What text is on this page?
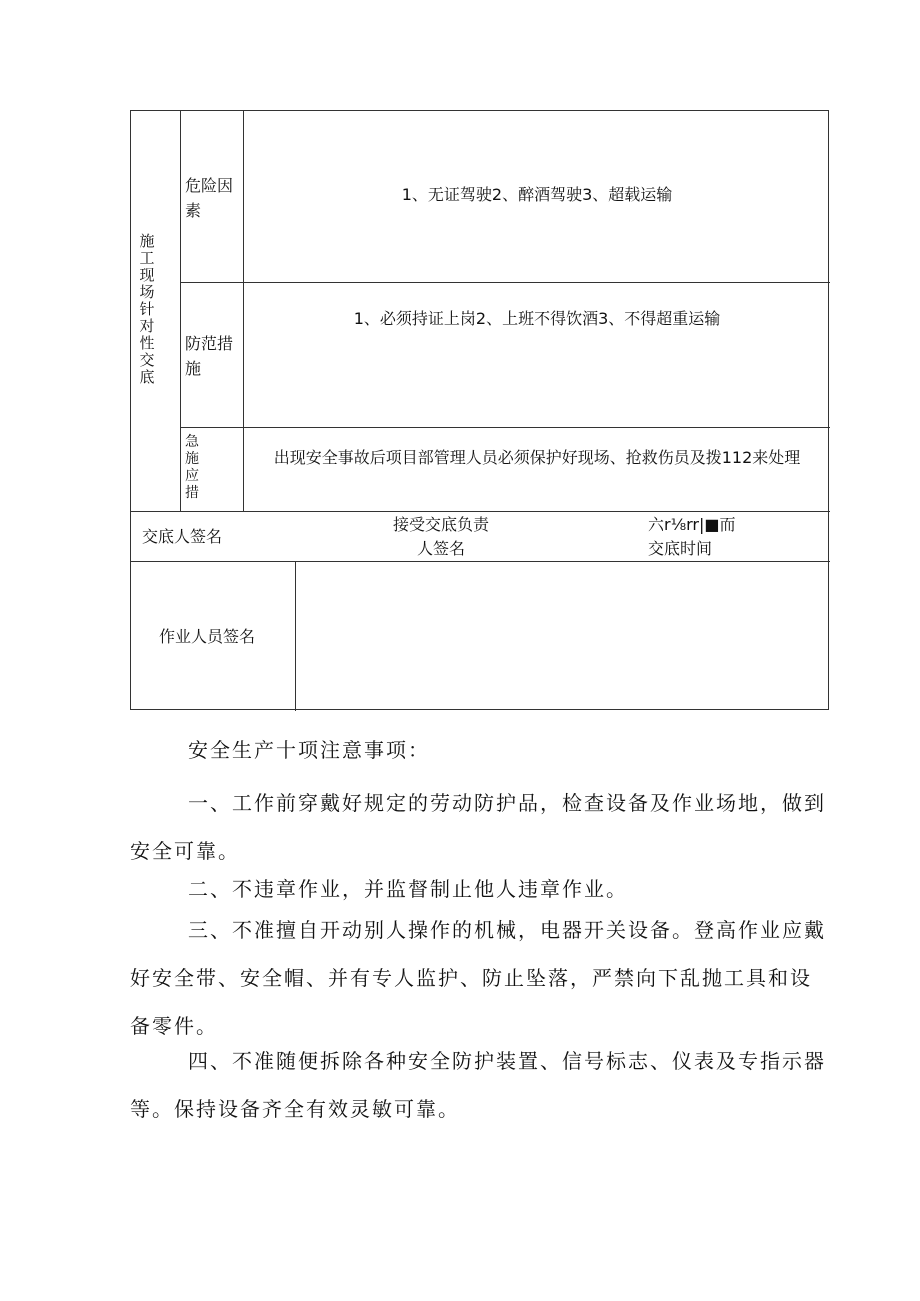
施工现场针对性交底
危险因素
1、无证驾驶2、醉酒驾驶3、超载运输
防范措施
1、必须持证上岗2、上班不得饮酒3、不得超重运输
急施应措
出现安全事故后项目部管理人员必须保护好现场、抢救伤员及拨112来处理
交底人签名
接受交底负责
人签名
六r⅛rr|■而
交底时间
作业人员签名
安全生产十项注意事项：
一、工作前穿戴好规定的劳动防护品，检查设备及作业场地，做到安全可靠。
二、不违章作业，并监督制止他人违章作业。
三、不准擅自开动别人操作的机械，电器开关设备。登高作业应戴好安全带、安全帽、并有专人监护、防止坠落，严禁向下乱抛工具和设备零件。
四、不准随便拆除各种安全防护装置、信号标志、仪表及专指示器等。保持设备齐全有效灵敏可靠。
